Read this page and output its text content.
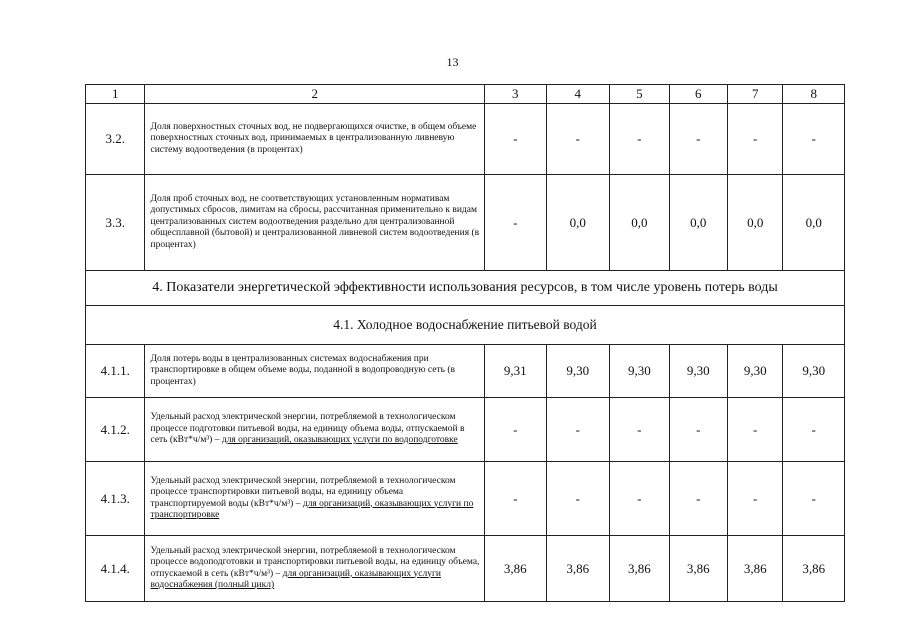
13
1	2	3	4	5	6	7	8
3.2.	Доля поверхностных сточных вод, не подвергающихся очистке, в общем объеме поверхностных сточных вод, принимаемых в централизованную ливневую систему водоотведения (в процентах)	-	-	-	-	-	-
3.3.	Доля проб сточных вод, не соответствующих установленным нормативам допустимых сбросов, лимитам на сбросы, рассчитанная применительно к видам централизованных систем водоотведения раздельно для централизованной общесплавной (бытовой) и централизованной ливневой систем водоотведения (в процентах)	-	0,0	0,0	0,0	0,0	0,0
4. Показатели энергетической эффективности использования ресурсов, в том числе уровень потерь воды							
4.1. Холодное водоснабжение питьевой водой							
4.1.1.	Доля потерь воды в централизованных системах водоснабжения при транспортировке в общем объеме воды, поданной в водопроводную сеть (в процентах)	9,31	9,30	9,30	9,30	9,30	9,30
4.1.2.	Удельный расход электрической энергии, потребляемой в технологическом процессе подготовки питьевой воды, на единицу объема воды, отпускаемой в сеть (кВт*ч/м³) – для организаций, оказывающих услуги по водоподготовке	-	-	-	-	-	-
4.1.3.	Удельный расход электрической энергии, потребляемой в технологическом процессе транспортировки питьевой воды, на единицу объема транспортируемой воды (кВт*ч/м³) – для организаций, оказывающих услуги по транспортировке	-	-	-	-	-	-
4.1.4.	Удельный расход электрической энергии, потребляемой в технологическом процессе водоподготовки и транспортировки питьевой воды, на единицу объема, отпускаемой в сеть (кВт*ч/м³) – для организаций, оказывающих услуги водоснабжения (полный цикл)	3,86	3,86	3,86	3,86	3,86	3,86
